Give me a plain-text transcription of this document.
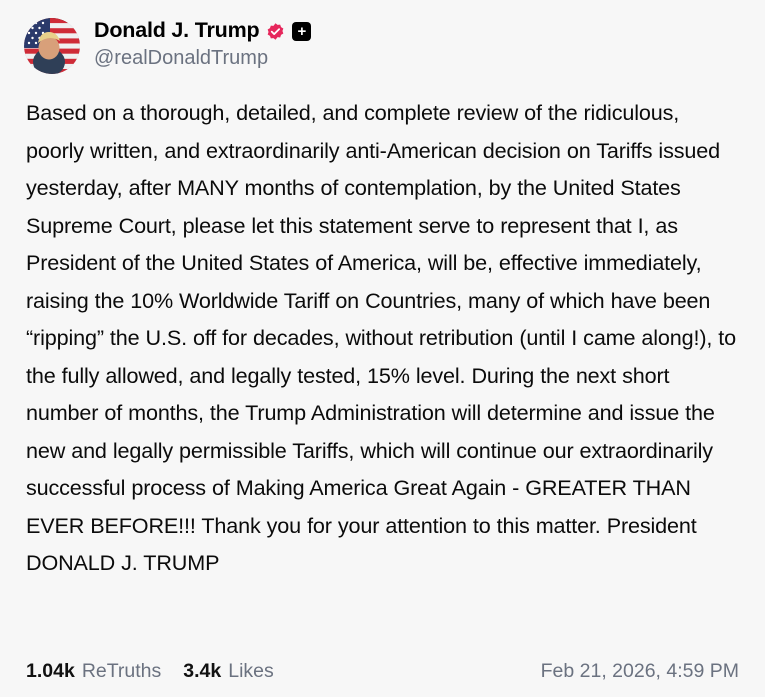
Donald J. Trump	+
@realDonaldTrump
Based on a thorough, detailed, and complete review of the ridiculous, poorly written, and extraordinarily anti-American decision on Tariffs issued yesterday, after MANY months of contemplation, by the United States Supreme Court, please let this statement serve to represent that I, as President of the United States of America, will be, effective immediately, raising the 10% Worldwide Tariff on Countries, many of which have been “ripping” the U.S. off for decades, without retribution (until I came along!), to the fully allowed, and legally tested, 15% level. During the next short number of months, the Trump Administration will determine and issue the new and legally permissible Tariffs, which will continue our extraordinarily successful process of Making America Great Again - GREATER THAN EVER BEFORE!!! Thank you for your attention to this matter. President DONALD J. TRUMP
1.04k ReTruths 3.4k Likes	Feb 21, 2026, 4:59 PM
